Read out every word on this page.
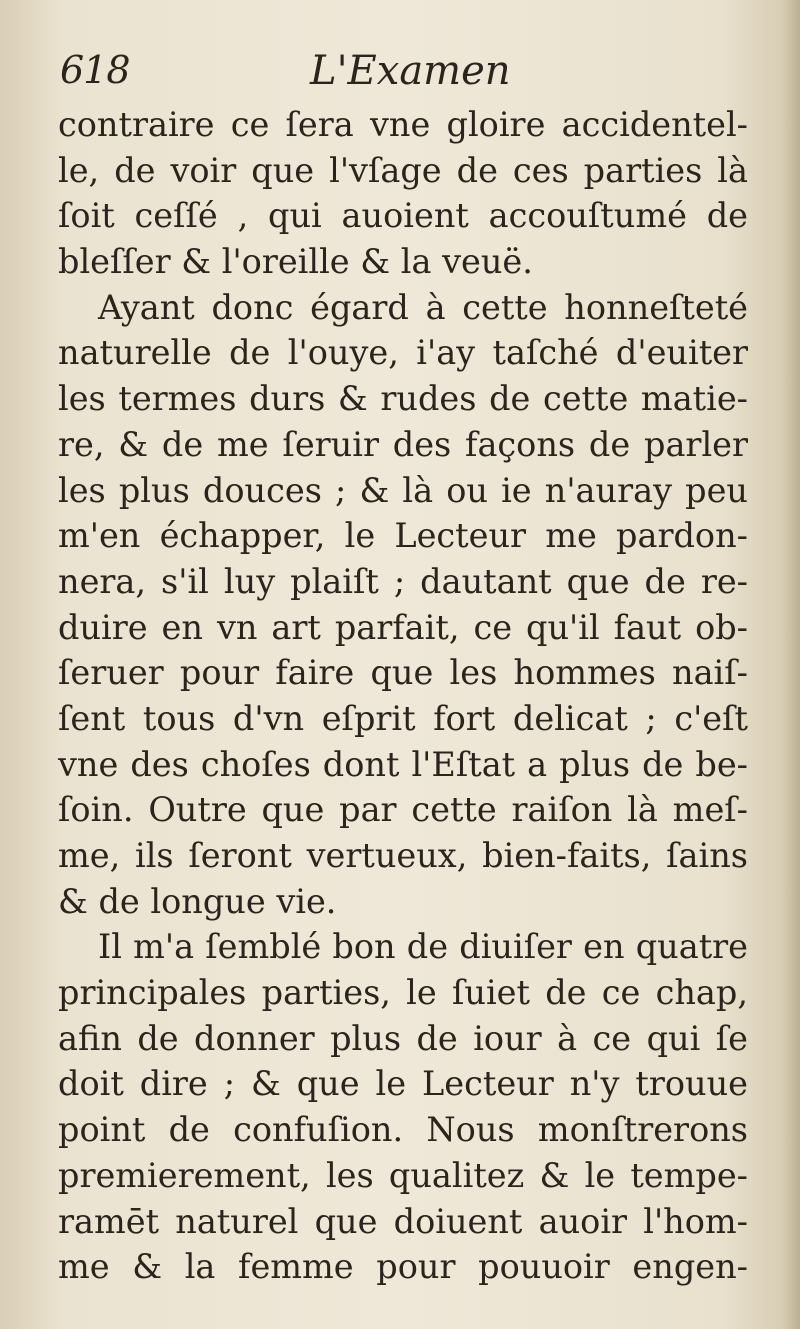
618	L'Examen
contraire ce ſera vne gloire accidentel-
le, de voir que l'vſage de ces parties là
ſoit ceſſé , qui auoient accouſtumé de
bleſſer & l'oreille & la veuë.
Ayant donc égard à cette honneſteté
naturelle de l'ouye, i'ay taſché d'euiter
les termes durs & rudes de cette matie-
re, & de me ſeruir des façons de parler
les plus douces ; & là ou ie n'auray peu
m'en échapper, le Lecteur me pardon-
nera, s'il luy plaiſt ; dautant que de re-
duire en vn art parfait, ce qu'il faut ob-
ſeruer pour faire que les hommes naiſ-
ſent tous d'vn eſprit fort delicat ; c'eſt
vne des choſes dont l'Eſtat a plus de be-
ſoin. Outre que par cette raiſon là meſ-
me, ils ſeront vertueux, bien-faits, ſains
& de longue vie.
Il m'a ſemblé bon de diuiſer en quatre
principales parties, le ſuiet de ce chap,
afin de donner plus de iour à ce qui ſe
doit dire ; & que le Lecteur n'y trouue
point de confuſion. Nous monſtrerons
premierement, les qualitez & le tempe-
ramēt naturel que doiuent auoir l'hom-
me & la femme pour pouuoir engen-
